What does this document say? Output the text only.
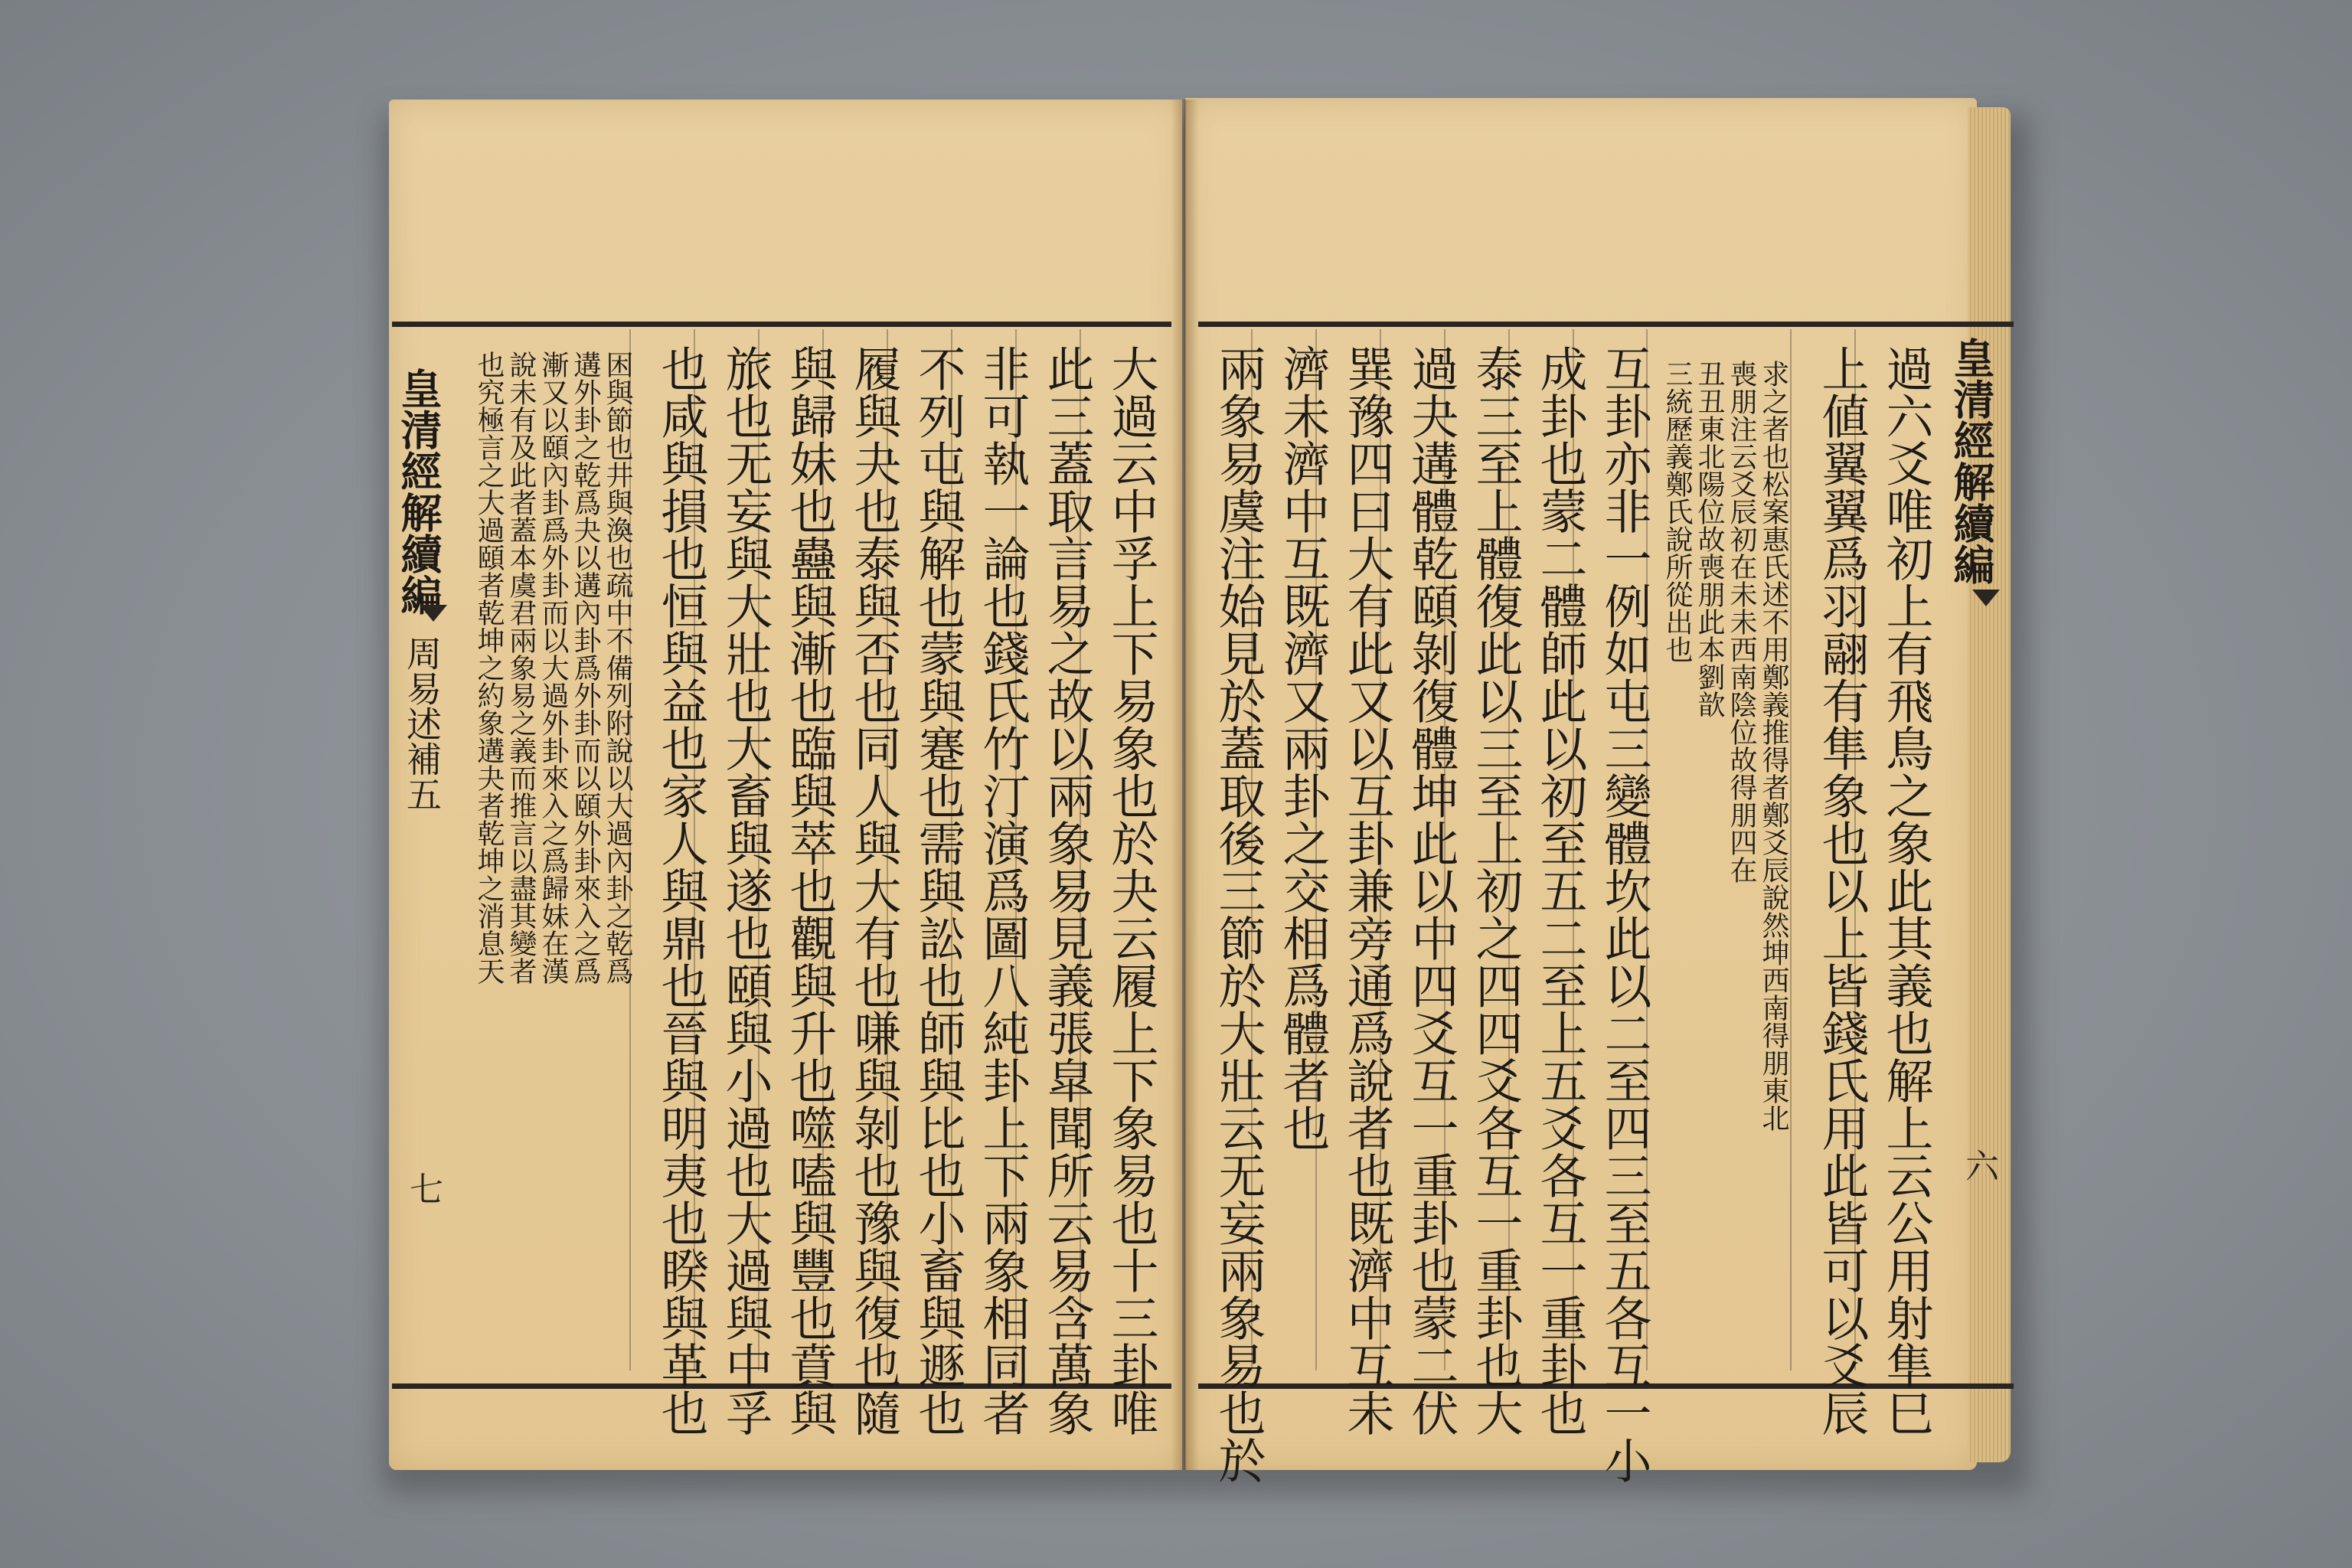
皇清經解續編
周易述補五
七	大過云中孚上下易象也於夬云履上下象易也十三卦唯
此三蓋取言易之故以兩象易見義張皐聞所云易含萬象
非可執一論也錢氏竹汀演爲圖八純卦上下兩象相同者
不列屯與解也蒙與蹇也需與訟也師與比也小畜與遯也
履與夬也泰與否也同人與大有也嗛與剝也豫與復也隨
與歸妹也蠱與漸也臨與萃也觀與升也噬嗑與豐也賁與
旅也无妄與大壯也大畜與遂也頤與小過也大過與中孚
也咸與損也恒與益也家人與鼎也晉與明夷也睽與革也
困與節也井與渙也疏中不備列附說以大過內卦之乾爲
遘外卦之乾爲夬以遘內卦爲外卦而以頤外卦來入之爲
漸又以頤內卦爲外卦而以大過外卦來入之爲歸妹在漢
說未有及此者蓋本虞君兩象易之義而推言以盡其變者
也究極言之大過頤者乾坤之約象遘夬者乾坤之消息天	皇清經解續編
六
過六爻唯初上有飛鳥之象此其義也解上云公用射隼巳
上値翼翼爲羽翮有隼象也以上皆錢氏用此皆可以爻辰
求之者也松案惠氏述不用鄭義推得者鄭爻辰說然坤西南得朋東北
喪朋注云爻辰初在未未西南陰位故得朋四在
丑丑東北陽位故喪朋此本劉歆
三統歷義鄭氏說所從出也
互卦亦非一例如屯三變體坎此以二至四三至五各互一小
成卦也蒙二體師此以初至五二至上五爻各互一重卦也
泰三至上體復此以三至上初之四四爻各互一重卦也大
過夬遘體乾頤剝復體坤此以中四爻互一重卦也蒙二伏
巽豫四曰大有此又以互卦兼旁通爲說者也既濟中互未
濟未濟中互既濟又兩卦之交相爲體者也
兩象易虞注始見於蓋取後三節於大壯云无妄兩象易也於
